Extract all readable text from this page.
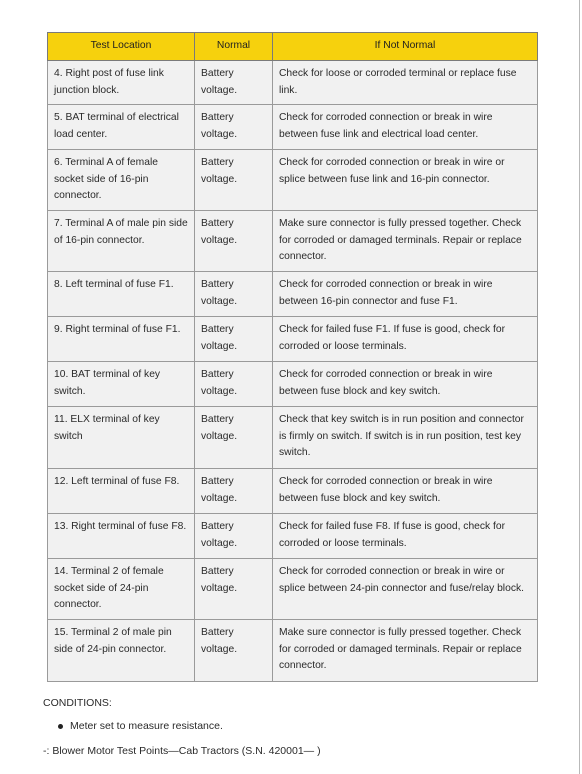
Test Location	Normal	If Not Normal
4. Right post of fuse link junction block.	Battery voltage.	Check for loose or corroded terminal or replace fuse link.
5. BAT terminal of electrical load center.	Battery voltage.	Check for corroded connection or break in wire between fuse link and electrical load center.
6. Terminal A of female socket side of 16-pin connector.	Battery voltage.	Check for corroded connection or break in wire or splice between fuse link and 16-pin connector.
7. Terminal A of male pin side of 16-pin connector.	Battery voltage.	Make sure connector is fully pressed together. Check for corroded or damaged terminals. Repair or replace connector.
8. Left terminal of fuse F1.	Battery voltage.	Check for corroded connection or break in wire between 16-pin connector and fuse F1.
9. Right terminal of fuse F1.	Battery voltage.	Check for failed fuse F1. If fuse is good, check for corroded or loose terminals.
10. BAT terminal of key switch.	Battery voltage.	Check for corroded connection or break in wire between fuse block and key switch.
11. ELX terminal of key switch	Battery voltage.	Check that key switch is in run position and connector is firmly on switch. If switch is in run position, test key switch.
12. Left terminal of fuse F8.	Battery voltage.	Check for corroded connection or break in wire between fuse block and key switch.
13. Right terminal of fuse F8.	Battery voltage.	Check for failed fuse F8. If fuse is good, check for corroded or loose terminals.
14. Terminal 2 of female socket side of 24-pin connector.	Battery voltage.	Check for corroded connection or break in wire or splice between 24-pin connector and fuse/relay block.
15. Terminal 2 of male pin side of 24-pin connector.	Battery voltage.	Make sure connector is fully pressed together. Check for corroded or damaged terminals. Repair or replace connector.
CONDITIONS:
Meter set to measure resistance.
-: Blower Motor Test Points—Cab Tractors (S.N. 420001— )
